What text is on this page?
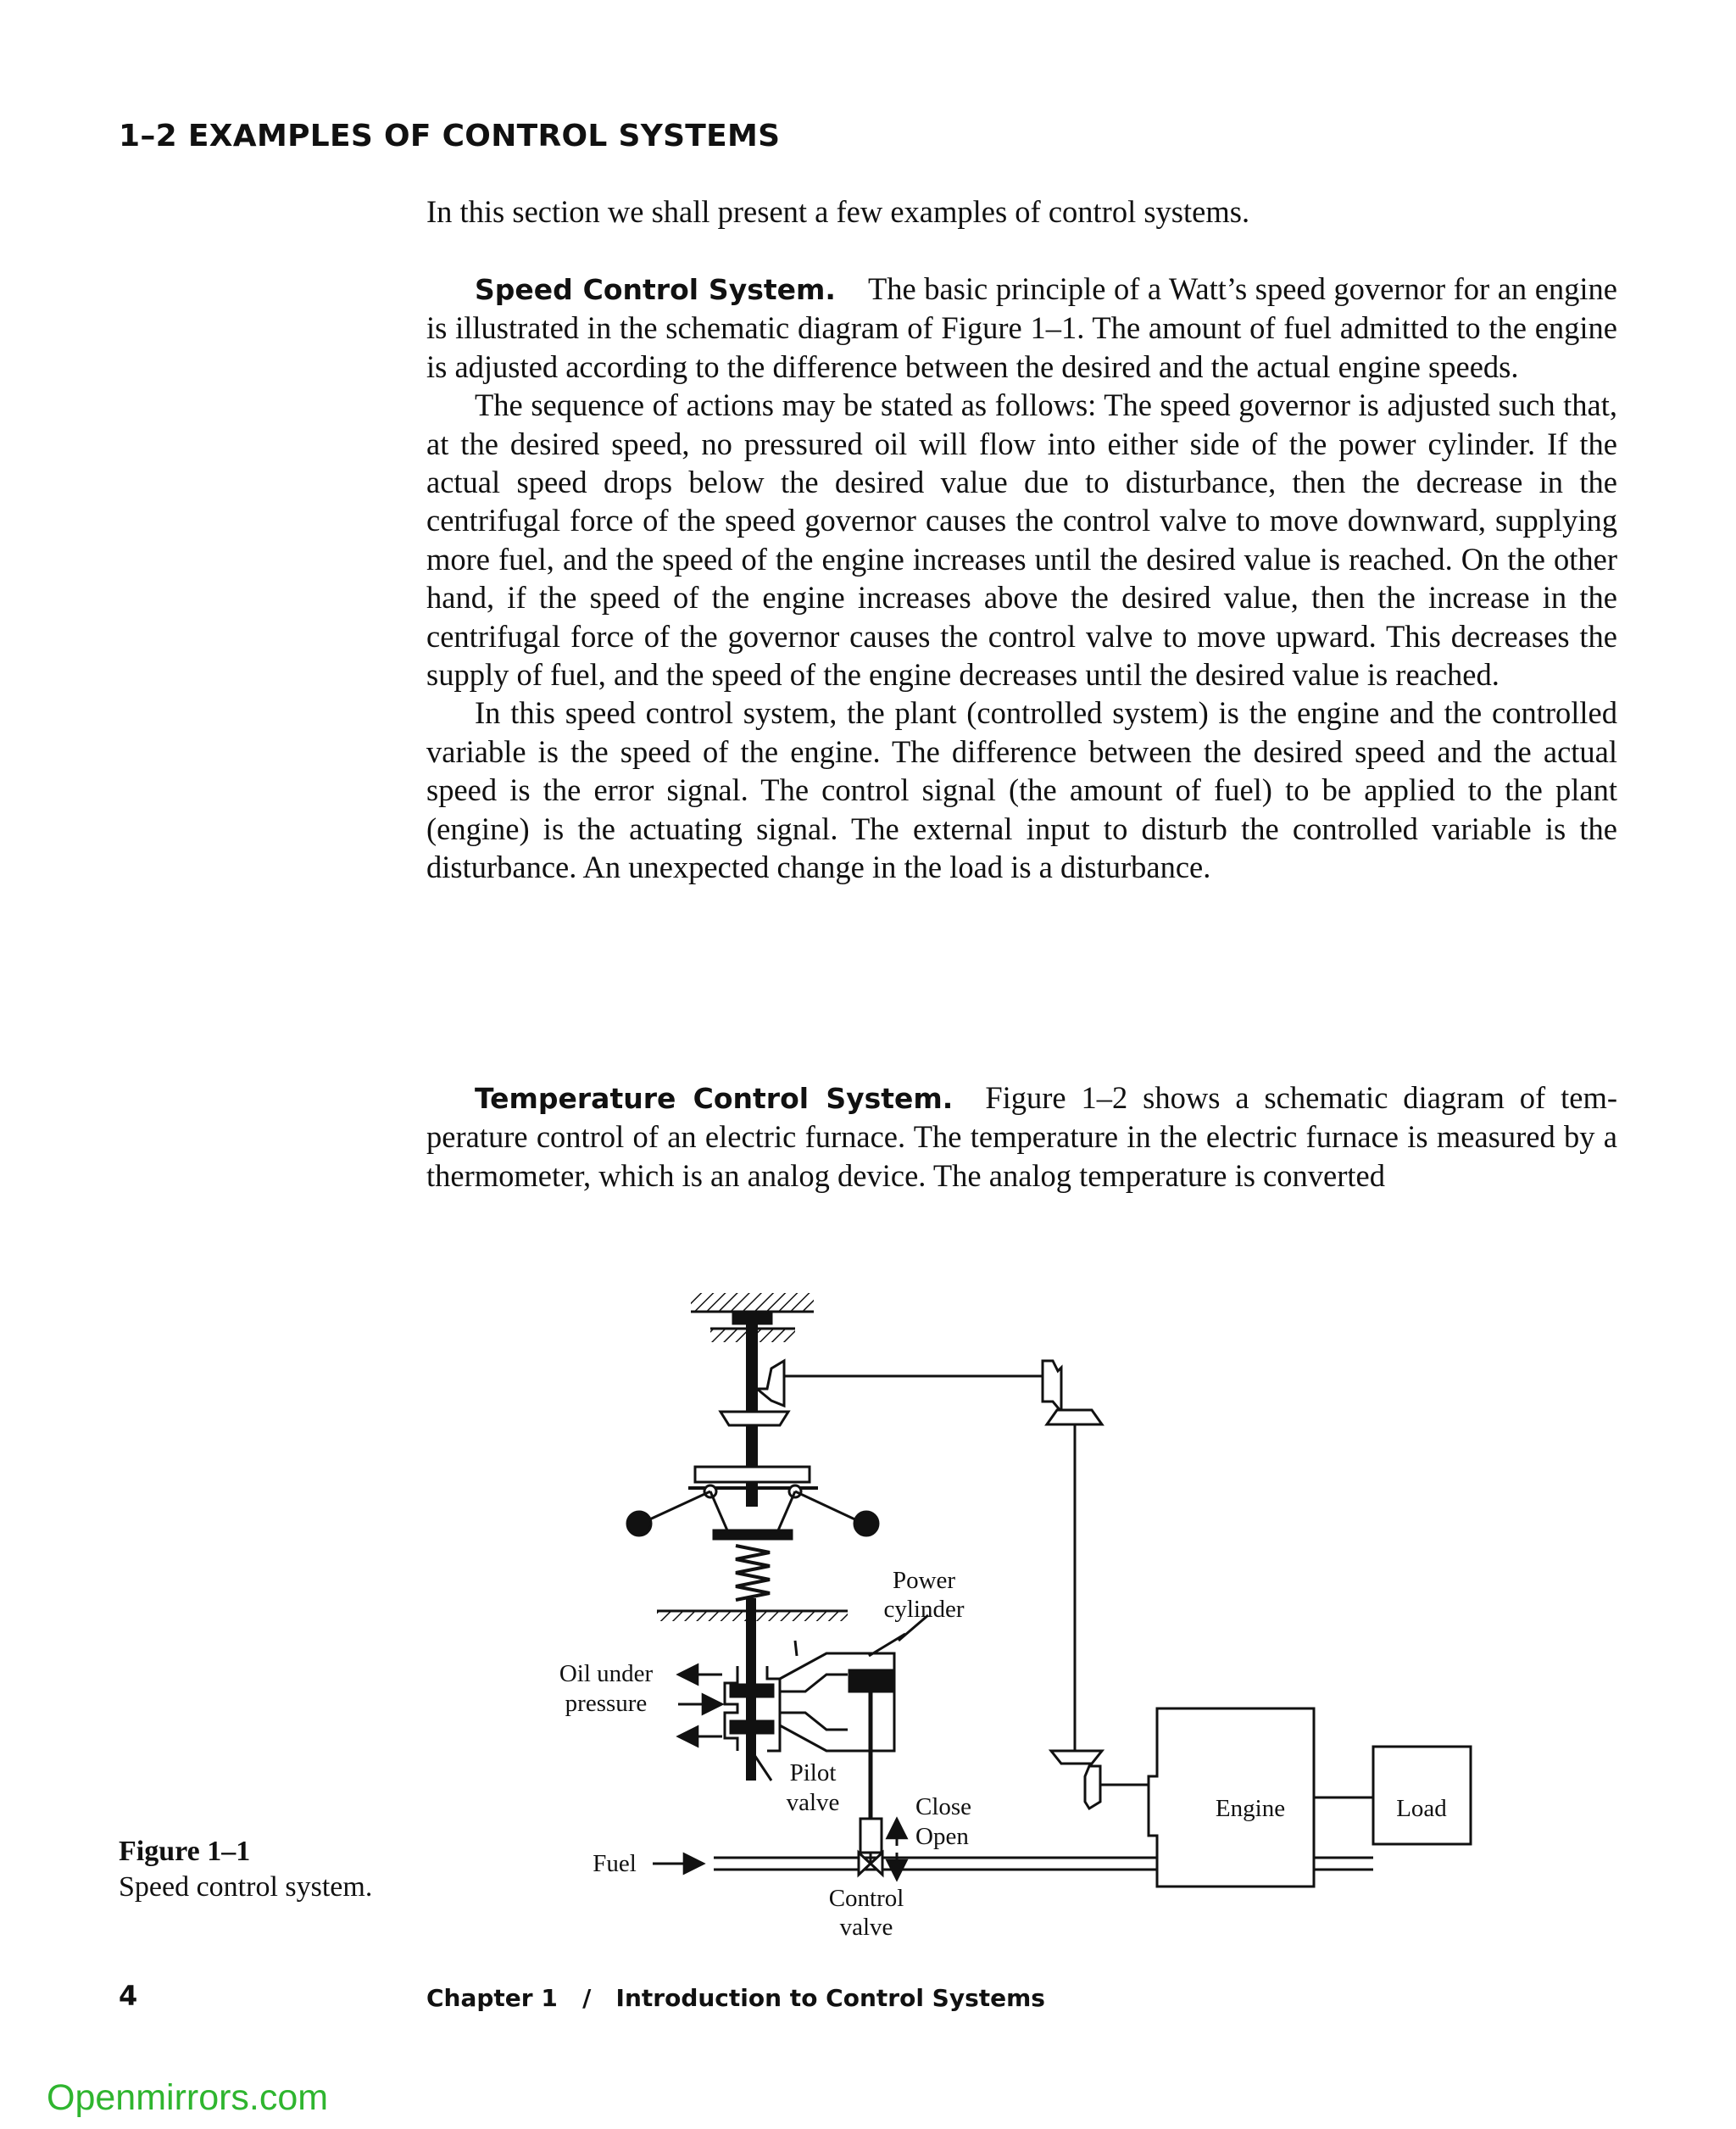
1–2 EXAMPLES OF CONTROL SYSTEMS
In this section we shall present a few examples of control systems.

Speed Control System. The basic principle of a Watt’s speed governor for an engine is illustrated in the schematic diagram of Figure 1–1. The amount of fuel admitted to the engine is adjusted according to the difference between the desired and the actual engine speeds.

The sequence of actions may be stated as follows: The speed governor is adjusted such that, at the desired speed, no pressured oil will flow into either side of the power cylinder. If the actual speed drops below the desired value due to disturbance, then the decrease in the centrifugal force of the speed governor causes the control valve to move downward, supplying more fuel, and the speed of the engine increases until the desired value is reached. On the other hand, if the speed of the engine increases above the desired value, then the increase in the centrifugal force of the governor causes the control valve to move upward. This decreases the supply of fuel, and the speed of the engine decreases until the desired value is reached.

In this speed control system, the plant (controlled system) is the engine and the controlled variable is the speed of the engine. The difference between the desired speed and the actual speed is the error signal. The control signal (the amount of fuel) to be applied to the plant (engine) is the actuating signal. The external input to disturb the controlled variable is the disturbance. An unexpected change in the load is a disturbance.

Temperature Control System. Figure 1–2 shows a schematic diagram of temperature control of an electric furnace. The temperature in the electric furnace is measured by a thermometer, which is an analog device. The analog temperature is converted

Power
cylinder
Oil under
pressure
Pilot
valve	Close
Open
Engine	Load
Fuel
Control
valve
Figure 1–1
Speed control system.
4	Chapter 1   /   Introduction to Control Systems
Openmirrors.com
